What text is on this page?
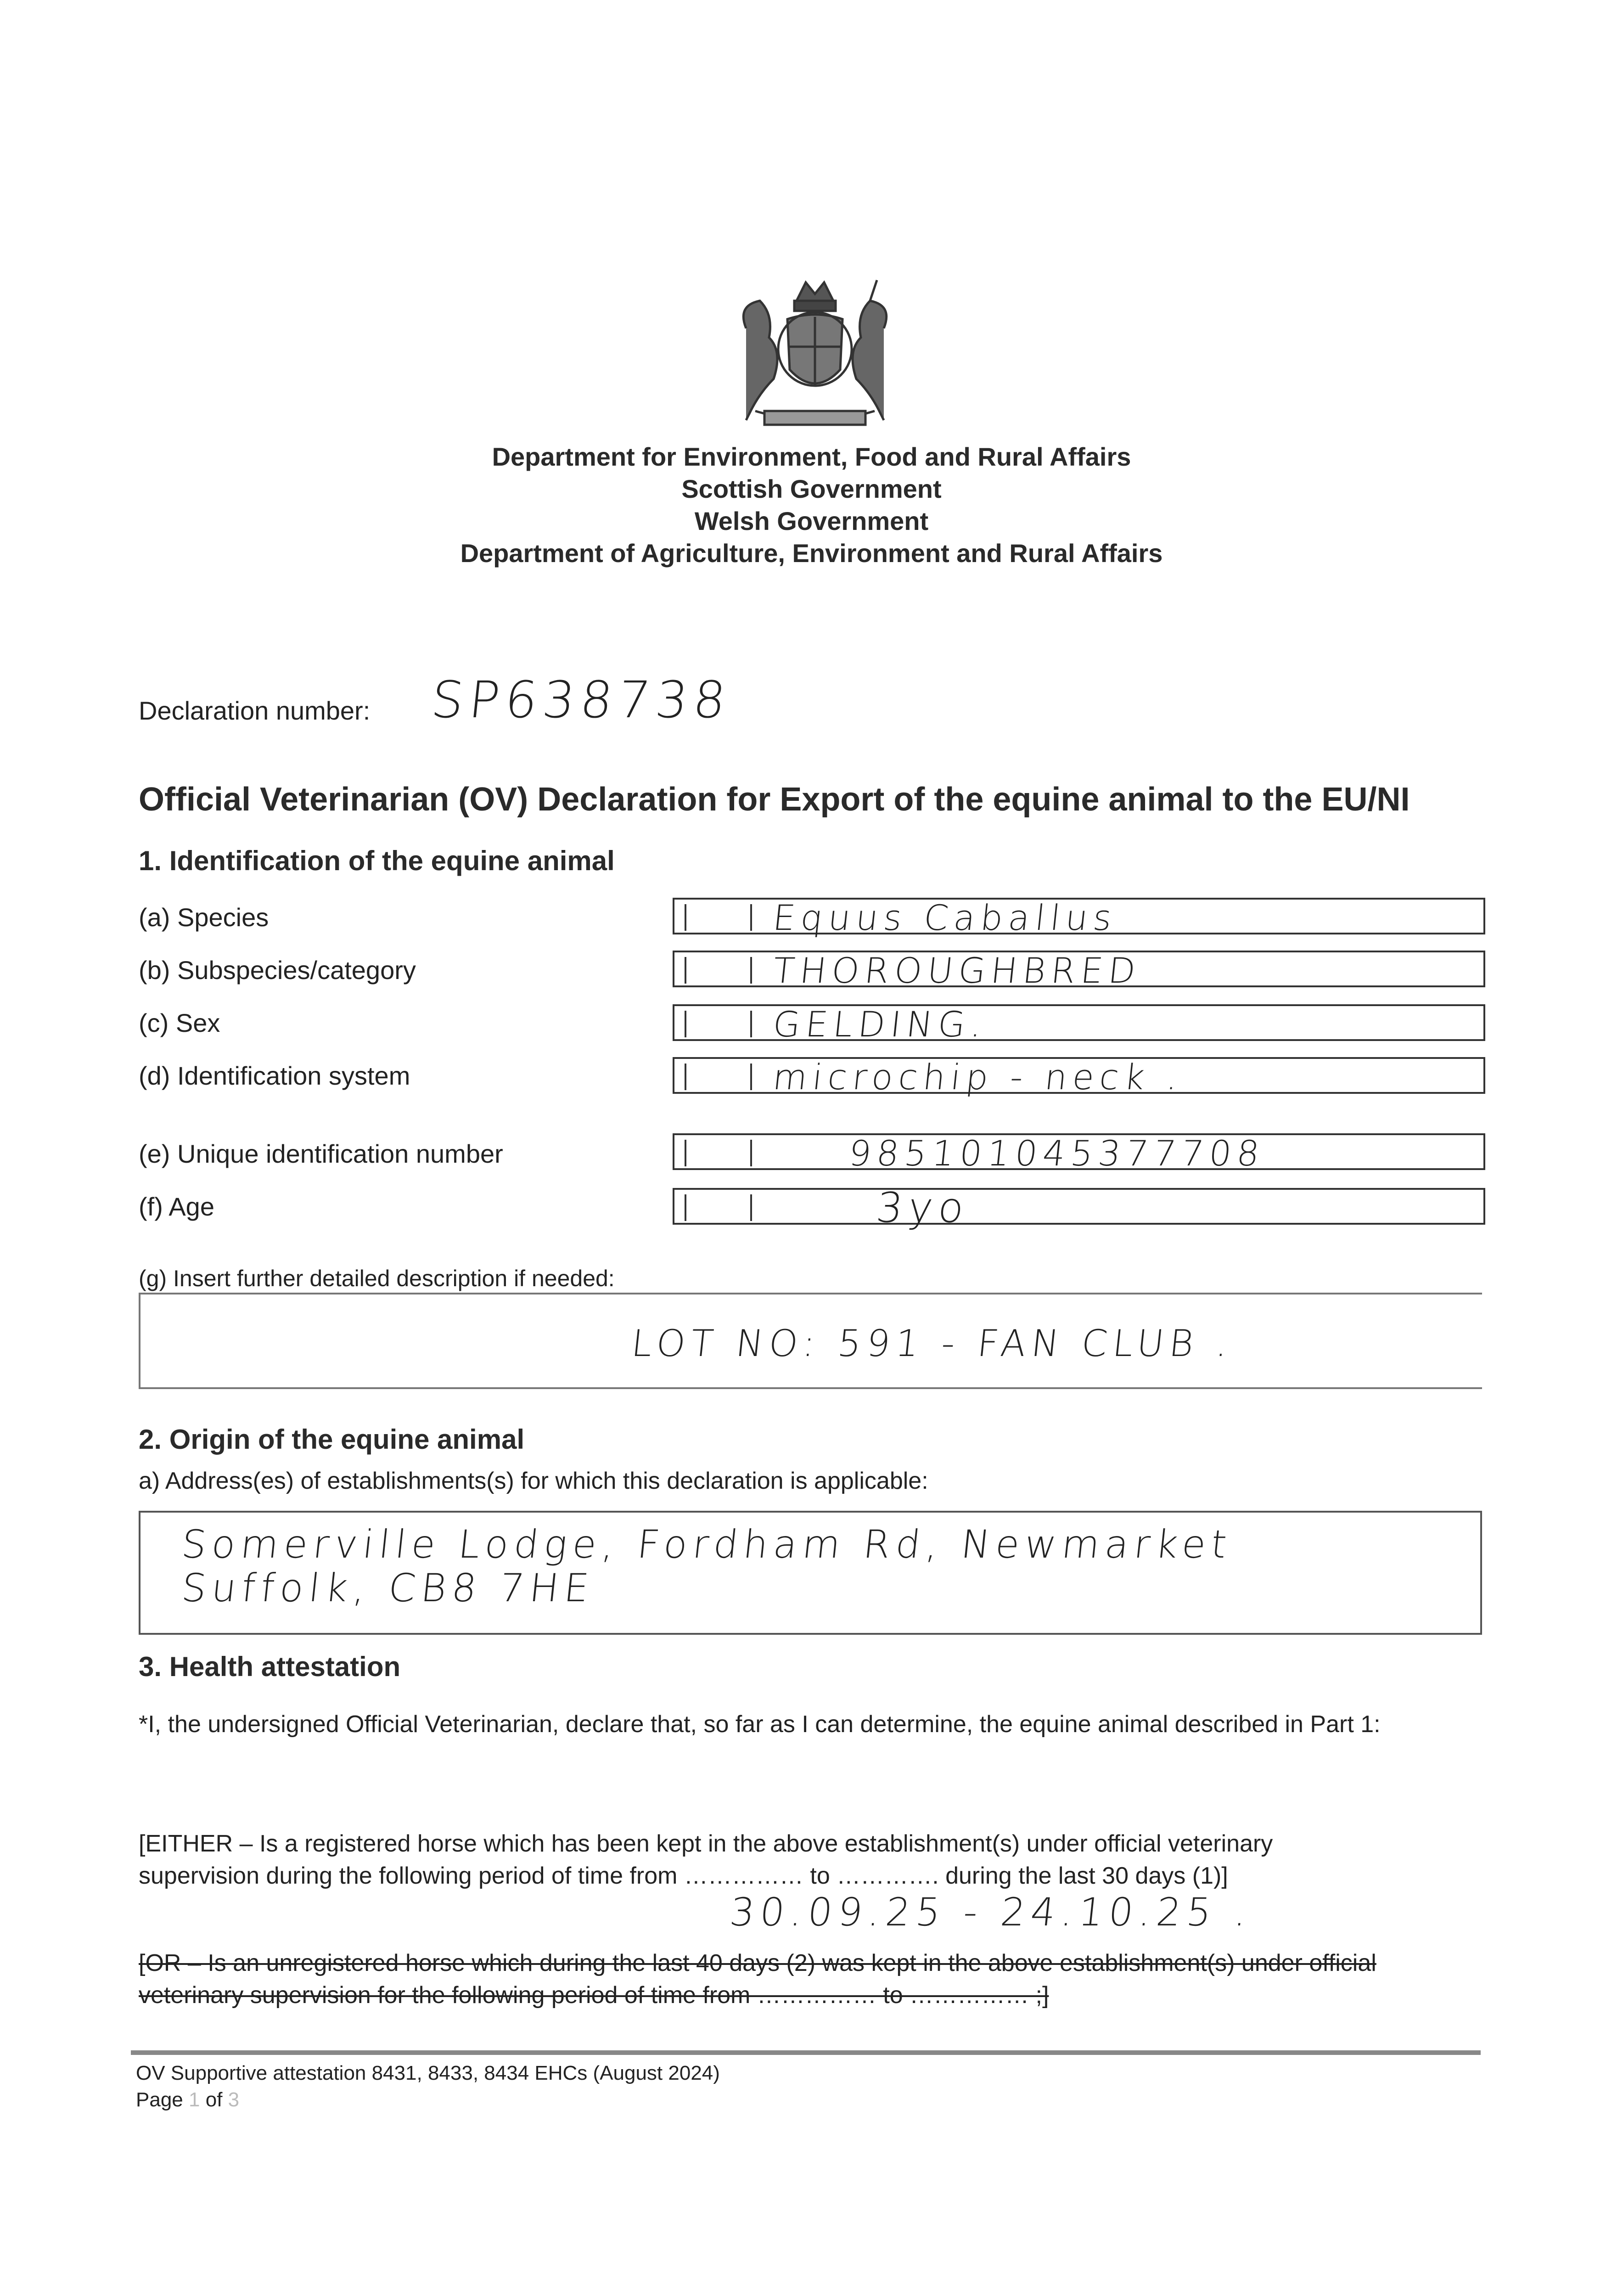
Department for Environment, Food and Rural Affairs
Scottish Government
Welsh Government
Department of Agriculture, Environment and Rural Affairs
Declaration number: SP638738
Official Veterinarian (OV) Declaration for Export of the equine animal to the EU/NI
1. Identification of the equine animal
(a) Species	Equus Caballus
(b) Subspecies/category	THOROUGHBRED
(c) Sex	GELDING.
(d) Identification system	microchip - neck .
(e) Unique identification number	985101045377708
(f) Age	3yo
(g) Insert further detailed description if needed:
LOT NO: 591 - FAN CLUB .
2. Origin of the equine animal
a) Address(es) of establishments(s) for which this declaration is applicable:
Somerville Lodge, Fordham Rd, Newmarket
Suffolk, CB8 7HE
3. Health attestation
*I, the undersigned Official Veterinarian, declare that, so far as I can determine, the equine animal described in Part 1:
[EITHER – Is a registered horse which has been kept in the above establishment(s) under official veterinary
supervision during the following period of time from …………… to …………. during the last 30 days (1)]
30.09.25 - 24.10.25 .
[OR – Is an unregistered horse which during the last 40 days (2) was kept in the above establishment(s) under official
veterinary supervision for the following period of time from …………… to …………… ;]
OV Supportive attestation 8431, 8433, 8434 EHCs (August 2024)
Page 1 of 3
